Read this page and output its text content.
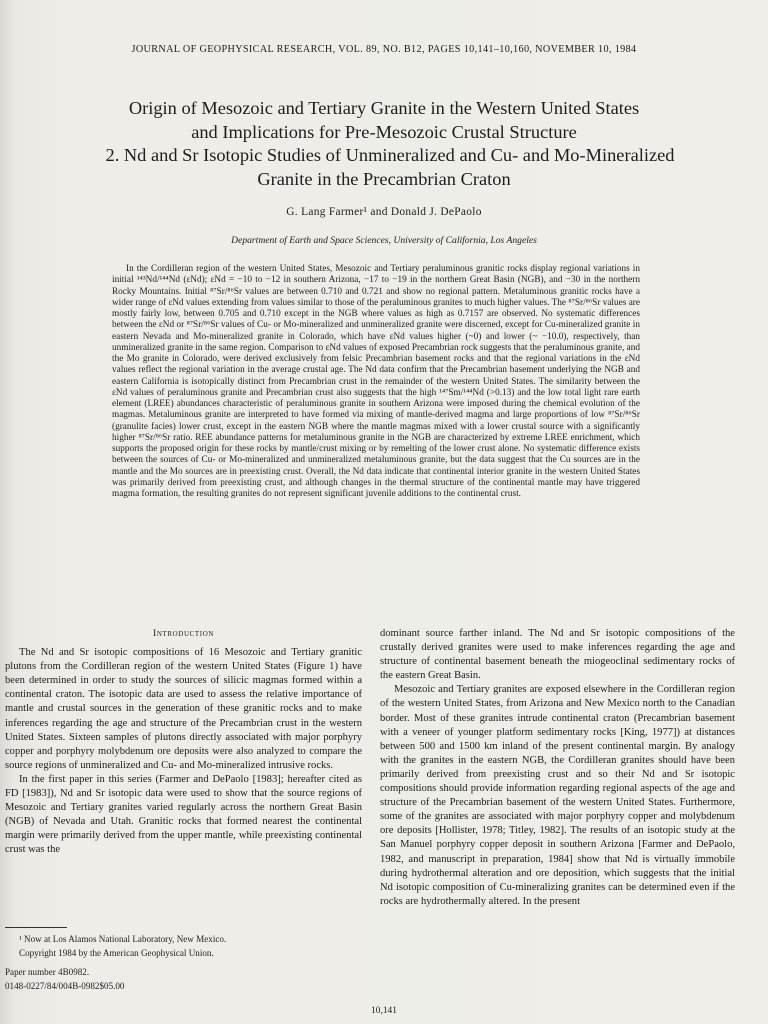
JOURNAL OF GEOPHYSICAL RESEARCH, VOL. 89, NO. B12, PAGES 10,141–10,160, NOVEMBER 10, 1984
Origin of Mesozoic and Tertiary Granite in the Western United States
and Implications for Pre-Mesozoic Crustal Structure
2. Nd and Sr Isotopic Studies of Unmineralized and Cu- and Mo-Mineralized
Granite in the Precambrian Craton
G. Lang Farmer¹ and Donald J. DePaolo
Department of Earth and Space Sciences, University of California, Los Angeles

In the Cordilleran region of the western United States, Mesozoic and Tertiary peraluminous granitic rocks display regional variations in initial ¹⁴³Nd/¹⁴⁴Nd (εNd); εNd = −10 to −12 in southern Arizona, −17 to −19 in the northern Great Basin (NGB), and −30 in the northern Rocky Mountains. Initial ⁸⁷Sr/⁸⁶Sr values are between 0.710 and 0.721 and show no regional pattern. Metaluminous granitic rocks have a wider range of εNd values extending from values similar to those of the peraluminous granites to much higher values. The ⁸⁷Sr/⁸⁶Sr values are mostly fairly low, between 0.705 and 0.710 except in the NGB where values as high as 0.7157 are observed. No systematic differences between the εNd or ⁸⁷Sr/⁸⁶Sr values of Cu- or Mo-mineralized and unmineralized granite were discerned, except for Cu-mineralized granite in eastern Nevada and Mo-mineralized granite in Colorado, which have εNd values higher (~0) and lower (~ −10.0), respectively, than unmineralized granite in the same region. Comparison to εNd values of exposed Precambrian rock suggests that the peraluminous granite, and the Mo granite in Colorado, were derived exclusively from felsic Precambrian basement rocks and that the regional variations in the εNd values reflect the regional variation in the average crustal age. The Nd data confirm that the Precambrian basement underlying the NGB and eastern California is isotopically distinct from Precambrian crust in the remainder of the western United States. The similarity between the εNd values of peraluminous granite and Precambrian crust also suggests that the high ¹⁴⁷Sm/¹⁴⁴Nd (>0.13) and the low total light rare earth element (LREE) abundances characteristic of peraluminous granite in southern Arizona were imposed during the chemical evolution of the magmas. Metaluminous granite are interpreted to have formed via mixing of mantle-derived magma and large proportions of low ⁸⁷Sr/⁸⁶Sr (granulite facies) lower crust, except in the eastern NGB where the mantle magmas mixed with a lower crustal source with a significantly higher ⁸⁷Sr/⁸⁶Sr ratio. REE abundance patterns for metaluminous granite in the NGB are characterized by extreme LREE enrichment, which supports the proposed origin for these rocks by mantle/crust mixing or by remelting of the lower crust alone. No systematic difference exists between the sources of Cu- or Mo-mineralized and unmineralized metaluminous granite, but the data suggest that the Cu sources are in the mantle and the Mo sources are in preexisting crust. Overall, the Nd data indicate that continental interior granite in the western United States was primarily derived from preexisting crust, and although changes in the thermal structure of the continental mantle may have triggered magma formation, the resulting granites do not represent significant juvenile additions to the continental crust.

Introduction

The Nd and Sr isotopic compositions of 16 Mesozoic and Tertiary granitic plutons from the Cordilleran region of the western United States (Figure 1) have been determined in order to study the sources of silicic magmas formed within a continental craton. The isotopic data are used to assess the relative importance of mantle and crustal sources in the generation of these granitic rocks and to make inferences regarding the age and structure of the Precambrian crust in the western United States. Sixteen samples of plutons directly associated with major porphyry copper and porphyry molybdenum ore deposits were also analyzed to compare the source regions of unmineralized and Cu- and Mo-mineralized intrusive rocks.

In the first paper in this series (Farmer and DePaolo [1983]; hereafter cited as FD [1983]), Nd and Sr isotopic data were used to show that the source regions of Mesozoic and Tertiary granites varied regularly across the northern Great Basin (NGB) of Nevada and Utah. Granitic rocks that formed nearest the continental margin were primarily derived from the upper mantle, while preexisting continental crust was the

¹ Now at Los Alamos National Laboratory, New Mexico.

Copyright 1984 by the American Geophysical Union.

Paper number 4B0982.

0148-0227/84/004B-0982$05.00

dominant source farther inland. The Nd and Sr isotopic compositions of the crustally derived granites were used to make inferences regarding the age and structure of continental basement beneath the miogeoclinal sedimentary rocks of the eastern Great Basin.

Mesozoic and Tertiary granites are exposed elsewhere in the Cordilleran region of the western United States, from Arizona and New Mexico north to the Canadian border. Most of these granites intrude continental craton (Precambrian basement with a veneer of younger platform sedimentary rocks [King, 1977]) at distances between 500 and 1500 km inland of the present continental margin. By analogy with the granites in the eastern NGB, the Cordilleran granites should have been primarily derived from preexisting crust and so their Nd and Sr isotopic compositions should provide information regarding regional aspects of the age and structure of the Precambrian basement of the western United States. Furthermore, some of the granites are associated with major porphyry copper and molybdenum ore deposits [Hollister, 1978; Titley, 1982]. The results of an isotopic study at the San Manuel porphyry copper deposit in southern Arizona [Farmer and DePaolo, 1982, and manuscript in preparation, 1984] show that Nd is virtually immobile during hydrothermal alteration and ore deposition, which suggests that the initial Nd isotopic composition of Cu-mineralizing granites can be determined even if the rocks are hydrothermally altered. In the present

10,141
